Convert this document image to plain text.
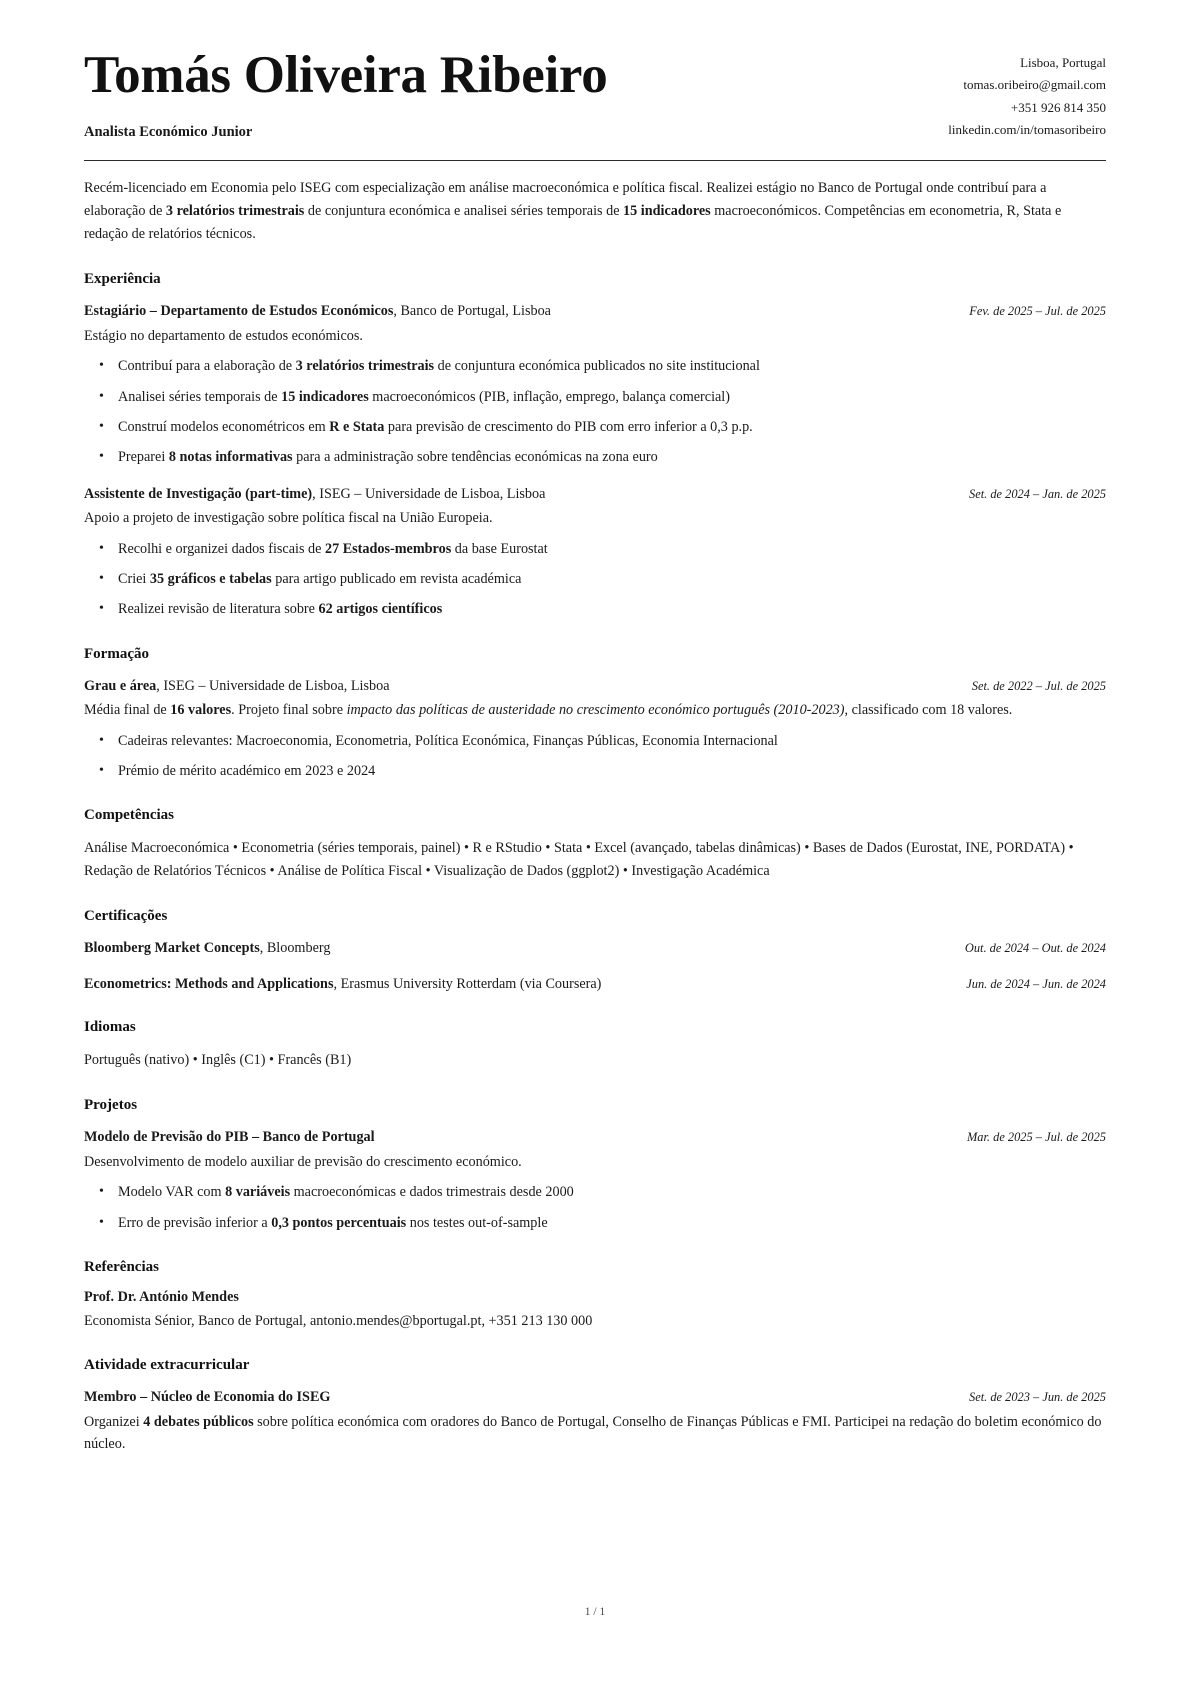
Tomás Oliveira Ribeiro
Analista Económico Junior
Lisboa, Portugal
tomas.oribeiro@gmail.com
+351 926 814 350
linkedin.com/in/tomasoribeiro
Recém-licenciado em Economia pelo ISEG com especialização em análise macroeconómica e política fiscal. Realizei estágio no Banco de Portugal onde contribuí para a elaboração de 3 relatórios trimestrais de conjuntura económica e analisei séries temporais de 15 indicadores macroeconómicos. Competências em econometria, R, Stata e redação de relatórios técnicos.
Experiência
Estagiário – Departamento de Estudos Económicos, Banco de Portugal, Lisboa	Fev. de 2025 – Jul. de 2025
Estágio no departamento de estudos económicos.
• Contribuí para a elaboração de 3 relatórios trimestrais de conjuntura económica publicados no site institucional
• Analisei séries temporais de 15 indicadores macroeconómicos (PIB, inflação, emprego, balança comercial)
• Construí modelos econométricos em R e Stata para previsão de crescimento do PIB com erro inferior a 0,3 p.p.
• Preparei 8 notas informativas para a administração sobre tendências económicas na zona euro
Assistente de Investigação (part-time), ISEG – Universidade de Lisboa, Lisboa	Set. de 2024 – Jan. de 2025
Apoio a projeto de investigação sobre política fiscal na União Europeia.
• Recolhi e organizei dados fiscais de 27 Estados-membros da base Eurostat
• Criei 35 gráficos e tabelas para artigo publicado em revista académica
• Realizei revisão de literatura sobre 62 artigos científicos
Formação
Grau e área, ISEG – Universidade de Lisboa, Lisboa	Set. de 2022 – Jul. de 2025
Média final de 16 valores. Projeto final sobre impacto das políticas de austeridade no crescimento económico português (2010-2023), classificado com 18 valores.
• Cadeiras relevantes: Macroeconomia, Econometria, Política Económica, Finanças Públicas, Economia Internacional
• Prémio de mérito académico em 2023 e 2024
Competências
Análise Macroeconómica • Econometria (séries temporais, painel) • R e RStudio • Stata • Excel (avançado, tabelas dinâmicas) • Bases de Dados (Eurostat, INE, PORDATA) • Redação de Relatórios Técnicos • Análise de Política Fiscal • Visualização de Dados (ggplot2) • Investigação Académica
Certificações
Bloomberg Market Concepts, Bloomberg	Out. de 2024 – Out. de 2024
Econometrics: Methods and Applications, Erasmus University Rotterdam (via Coursera)	Jun. de 2024 – Jun. de 2024
Idiomas
Português (nativo) • Inglês (C1) • Francês (B1)
Projetos
Modelo de Previsão do PIB – Banco de Portugal	Mar. de 2025 – Jul. de 2025
Desenvolvimento de modelo auxiliar de previsão do crescimento económico.
• Modelo VAR com 8 variáveis macroeconómicas e dados trimestrais desde 2000
• Erro de previsão inferior a 0,3 pontos percentuais nos testes out-of-sample
Referências
Prof. Dr. António Mendes
Economista Sénior, Banco de Portugal, antonio.mendes@bportugal.pt, +351 213 130 000
Atividade extracurricular
Membro – Núcleo de Economia do ISEG	Set. de 2023 – Jun. de 2025
Organizei 4 debates públicos sobre política económica com oradores do Banco de Portugal, Conselho de Finanças Públicas e FMI. Participei na redação do boletim económico do núcleo.
1 / 1
